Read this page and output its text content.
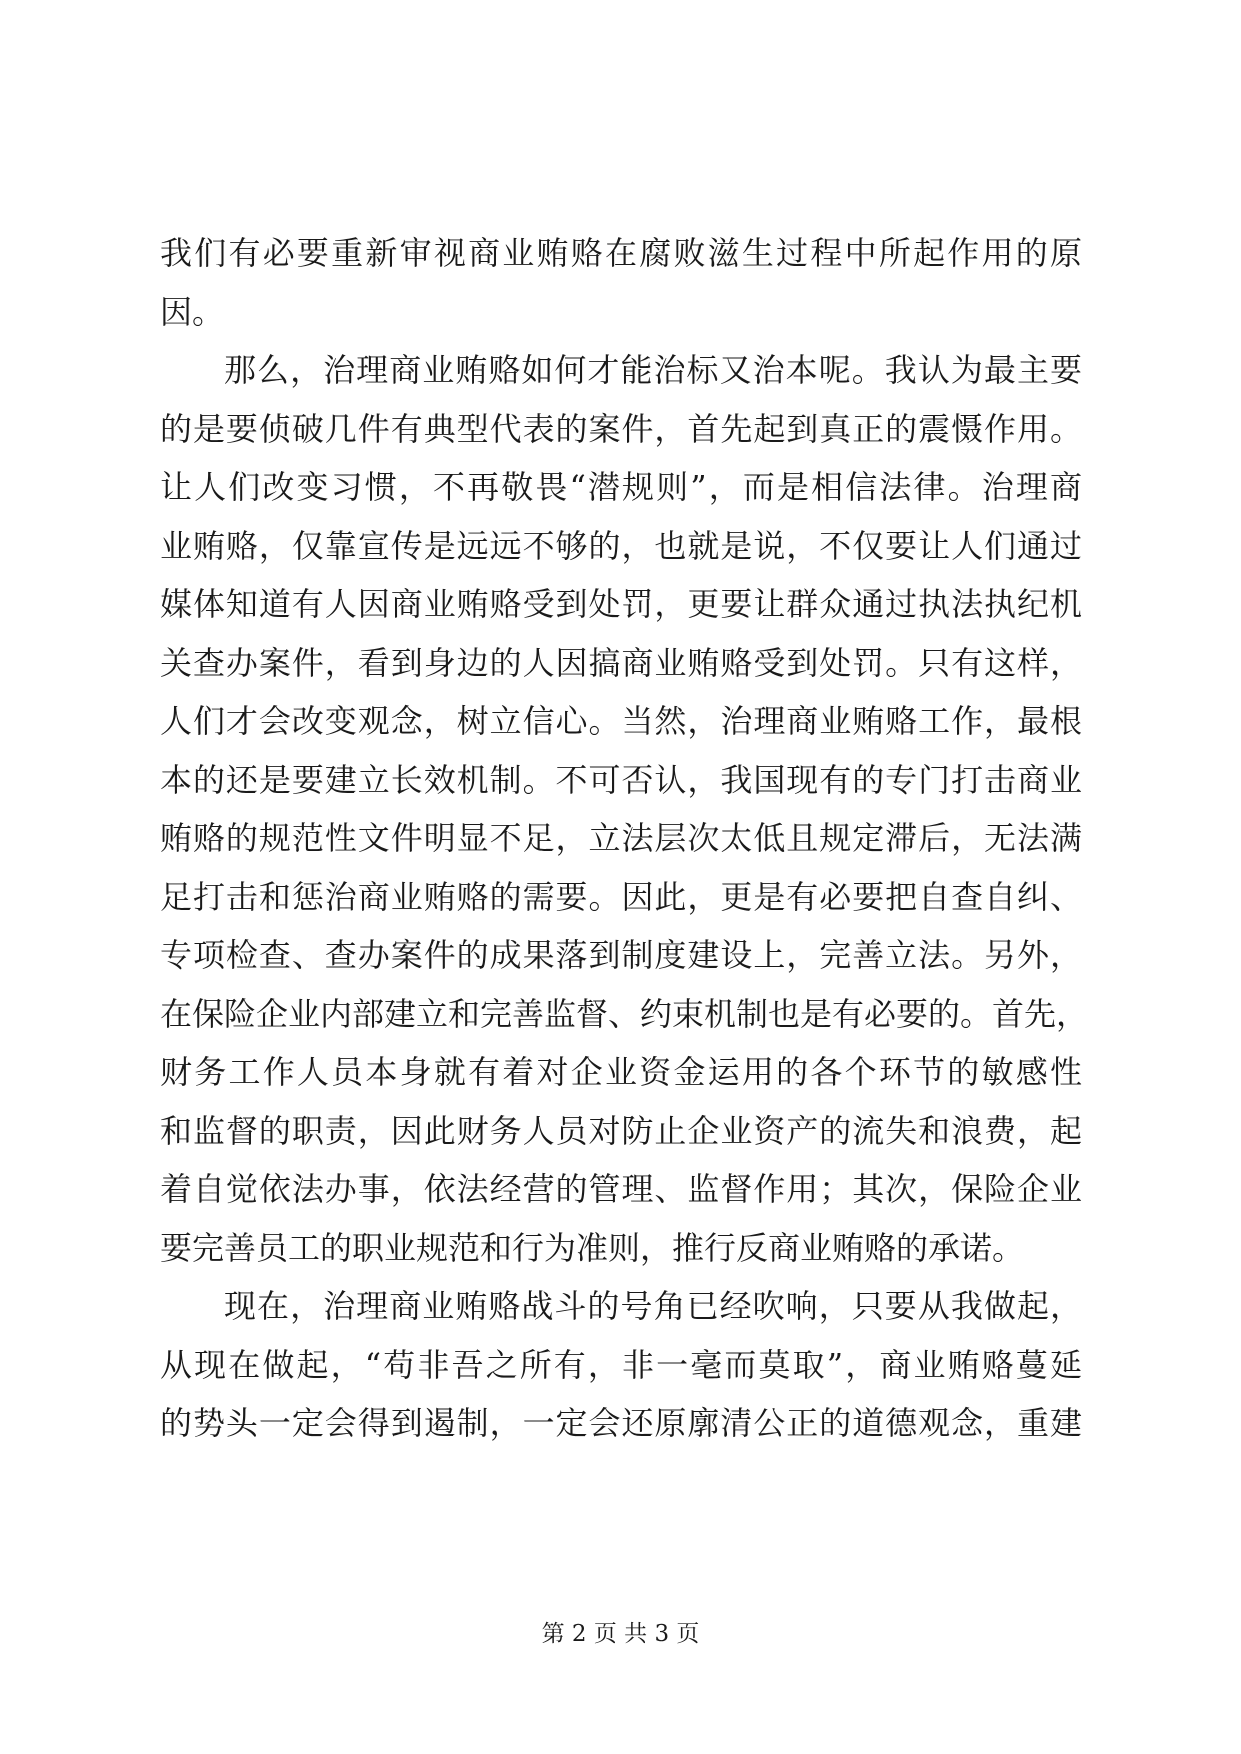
我们有必要重新审视商业贿赂在腐败滋生过程中所起作用的原
因。
那么，治理商业贿赂如何才能治标又治本呢。我认为最主要
的是要侦破几件有典型代表的案件，首先起到真正的震慑作用。
让人们改变习惯，不再敬畏“潜规则”，而是相信法律。治理商
业贿赂，仅靠宣传是远远不够的，也就是说，不仅要让人们通过
媒体知道有人因商业贿赂受到处罚，更要让群众通过执法执纪机
关查办案件，看到身边的人因搞商业贿赂受到处罚。只有这样，
人们才会改变观念，树立信心。当然，治理商业贿赂工作，最根
本的还是要建立长效机制。不可否认，我国现有的专门打击商业
贿赂的规范性文件明显不足，立法层次太低且规定滞后，无法满
足打击和惩治商业贿赂的需要。因此，更是有必要把自查自纠、
专项检查、查办案件的成果落到制度建设上，完善立法。另外，
在保险企业内部建立和完善监督、约束机制也是有必要的。首先，
财务工作人员本身就有着对企业资金运用的各个环节的敏感性
和监督的职责，因此财务人员对防止企业资产的流失和浪费，起
着自觉依法办事，依法经营的管理、监督作用；其次，保险企业
要完善员工的职业规范和行为准则，推行反商业贿赂的承诺。
现在，治理商业贿赂战斗的号角已经吹响，只要从我做起，
从现在做起，“苟非吾之所有，非一毫而莫取”，商业贿赂蔓延
的势头一定会得到遏制，一定会还原廓清公正的道德观念，重建
第 2 页 共 3 页
